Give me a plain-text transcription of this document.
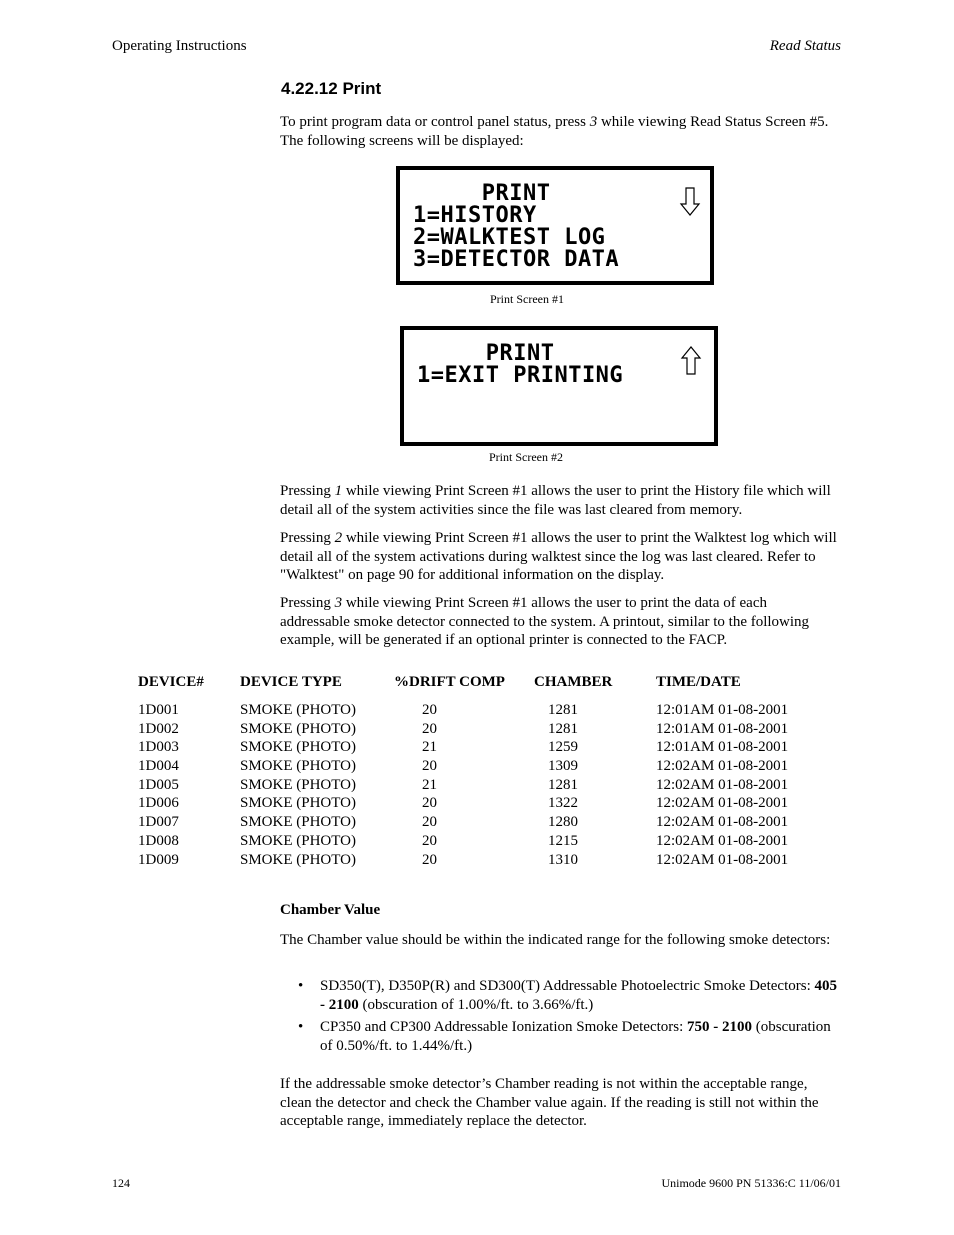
Operating Instructions	Read Status
4.22.12 Print
To print program data or control panel status, press 3 while viewing Read Status Screen #5. The following screens will be displayed:
PRINT
1=HISTORY
2=WALKTEST LOG
3=DETECTOR DATA
Print Screen #1
PRINT
1=EXIT PRINTING
Print Screen #2
Pressing 1 while viewing Print Screen #1 allows the user to print the History file which will detail all of the system activities since the file was last cleared from memory.
Pressing 2 while viewing Print Screen #1 allows the user to print the Walktest log which will detail all of the system activations during walktest since the log was last cleared. Refer to "Walktest" on page 90 for additional information on the display.
Pressing 3 while viewing Print Screen #1 allows the user to print the data of each addressable smoke detector connected to the system. A printout, similar to the following example, will be generated if an optional printer is connected to the FACP.
DEVICE#	DEVICE TYPE	%DRIFT COMP	CHAMBER	TIME/DATE

1D001	SMOKE (PHOTO)	20	1281	12:01AM 01-08-2001
1D002	SMOKE (PHOTO)	20	1281	12:01AM 01-08-2001
1D003	SMOKE (PHOTO)	21	1259	12:01AM 01-08-2001
1D004	SMOKE (PHOTO)	20	1309	12:02AM 01-08-2001
1D005	SMOKE (PHOTO)	21	1281	12:02AM 01-08-2001
1D006	SMOKE (PHOTO)	20	1322	12:02AM 01-08-2001
1D007	SMOKE (PHOTO)	20	1280	12:02AM 01-08-2001
1D008	SMOKE (PHOTO)	20	1215	12:02AM 01-08-2001
1D009	SMOKE (PHOTO)	20	1310	12:02AM 01-08-2001
Chamber Value
The Chamber value should be within the indicated range for the following smoke detectors:
• SD350(T), D350P(R) and SD300(T) Addressable Photoelectric Smoke Detectors: 405 - 2100 (obscuration of 1.00%/ft. to 3.66%/ft.)
• CP350 and CP300 Addressable Ionization Smoke Detectors: 750 - 2100 (obscuration of 0.50%/ft. to 1.44%/ft.)
If the addressable smoke detector’s Chamber reading is not within the acceptable range, clean the detector and check the Chamber value again. If the reading is still not within the acceptable range, immediately replace the detector.
124	Unimode 9600 PN 51336:C 11/06/01
